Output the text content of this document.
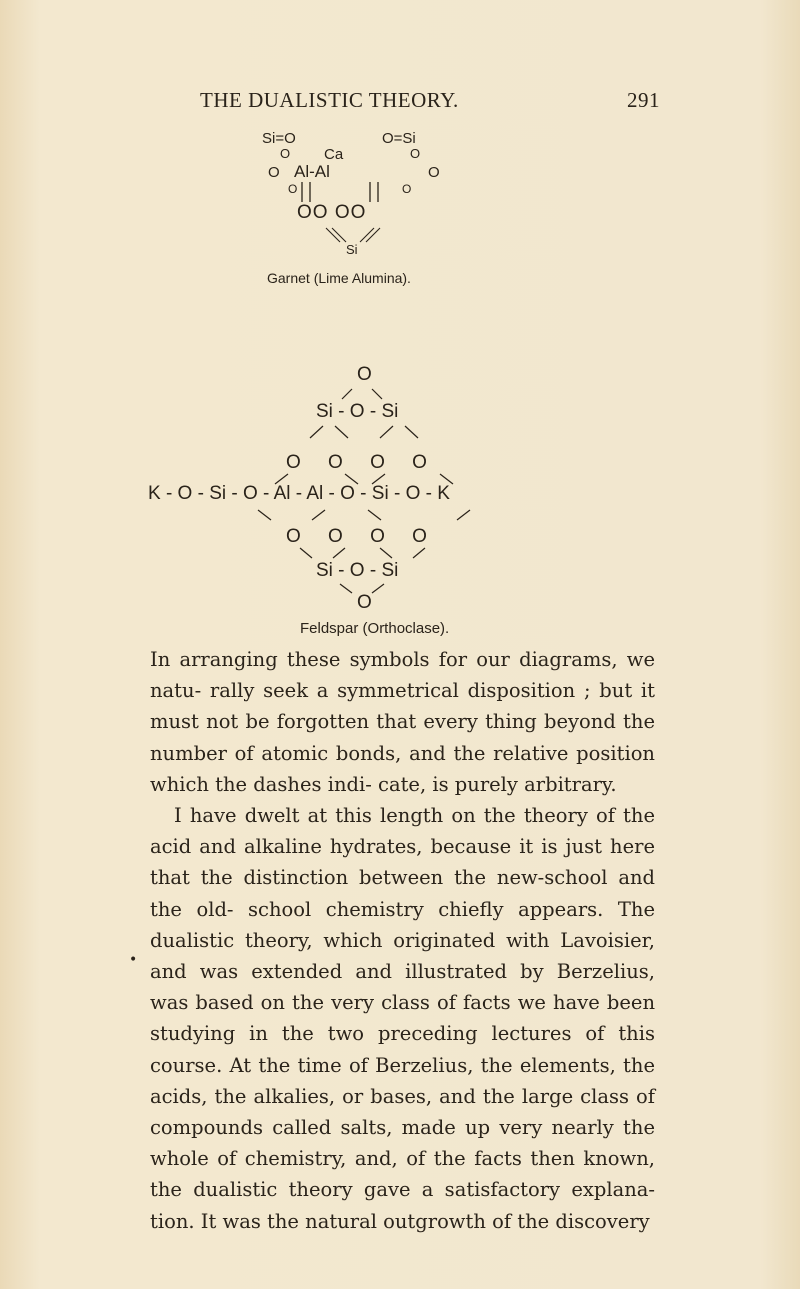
THE DUALISTIC THEORY.	291
Si=O	O=Si
Ca
O	O
O Al-Al	O
O	O
OO OO
Si
Garnet (Lime Alumina).
O
Si - O - Si
O O O O
K - O - Si - O - Al - Al - O - Si - O - K
O O O O
Si - O - Si
O
Feldspar (Orthoclase).
•

In arranging these symbols for our diagrams, we natu- rally seek a symmetrical disposition ; but it must not be forgotten that every thing beyond the number of atomic bonds, and the relative position which the dashes indi- cate, is purely arbitrary.

I have dwelt at this length on the theory of the acid and alkaline hydrates, because it is just here that the distinction between the new-school and the old- school chemistry chiefly appears. The dualistic theory, which originated with Lavoisier, and was extended and illustrated by Berzelius, was based on the very class of facts we have been studying in the two preceding lectures of this course. At the time of Berzelius, the elements, the acids, the alkalies, or bases, and the large class of compounds called salts, made up very nearly the whole of chemistry, and, of the facts then known, the dualistic theory gave a satisfactory explana- tion. It was the natural outgrowth of the discovery
